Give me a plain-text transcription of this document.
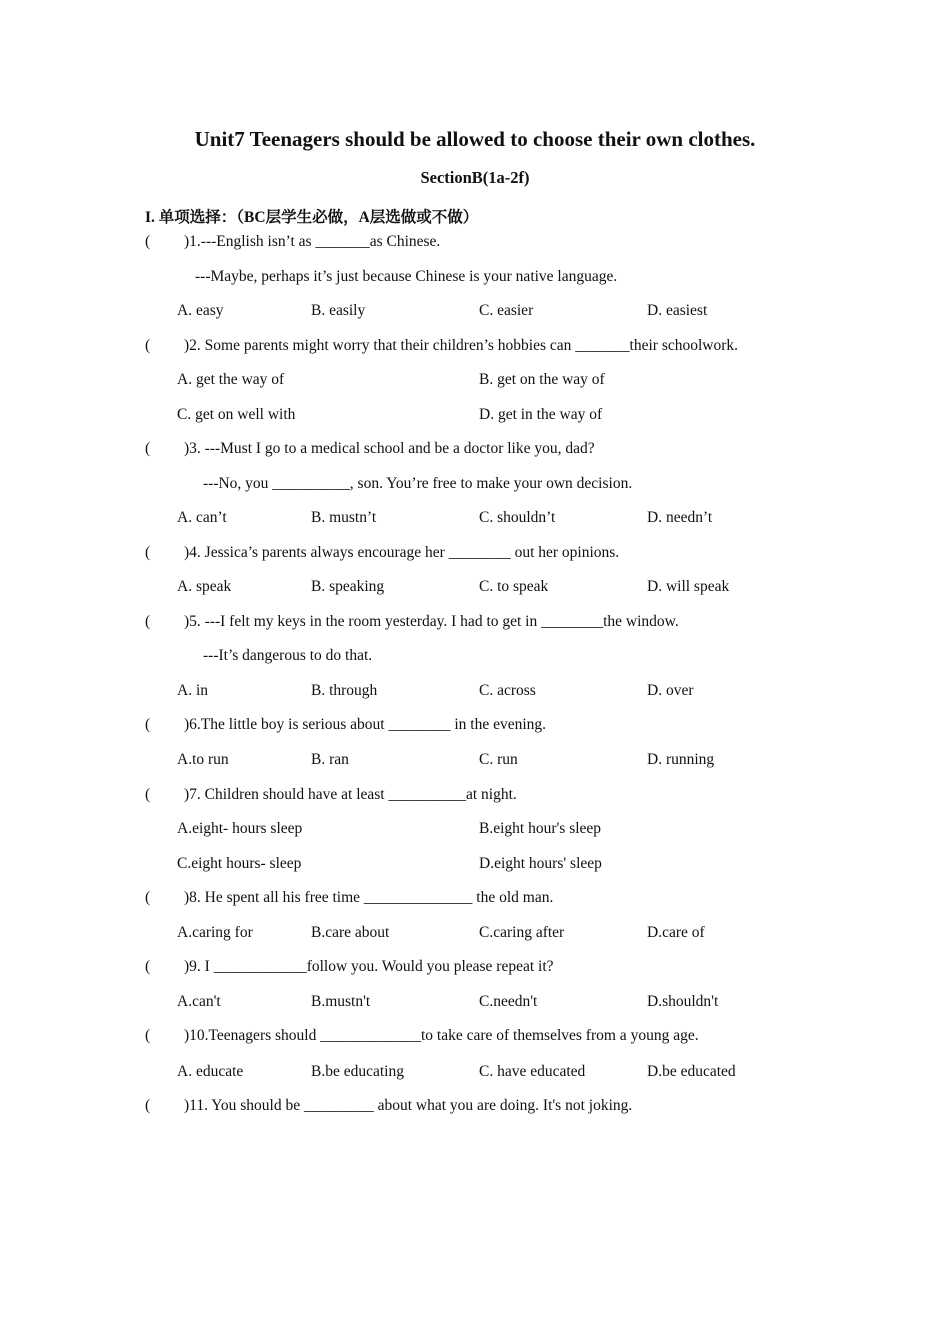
Unit7 Teenagers should be allowed to choose their own clothes.
SectionB(1a-2f)
I. 单项选择：（BC层学生必做，A层选做或不做）
( )1.---English isn’t as _______as Chinese.
---Maybe, perhaps it’s just because Chinese is your native language.
A. easy	B. easily	C. easier	D. easiest
( )2. Some parents might worry that their children’s hobbies can _______their schoolwork.
A. get the way of	B. get on the way of
C. get on well with	D. get in the way of
( )3. ---Must I go to a medical school and be a doctor like you, dad?
---No, you __________, son. You’re free to make your own decision.
A. can’t	B. mustn’t	C. shouldn’t	D. needn’t
( )4. Jessica’s parents always encourage her ________ out her opinions.
A. speak	B. speaking	C. to speak	D. will speak
( )5. ---I felt my keys in the room yesterday. I had to get in ________the window.
---It’s dangerous to do that.
A. in	B. through	C. across	D. over
( )6.The little boy is serious about ________ in the evening.
A.to run	B. ran	C. run	D. running
( )7. Children should have at least __________at night.
A.eight- hours sleep	B.eight hour's sleep
C.eight hours- sleep	D.eight hours' sleep
( )8. He spent all his free time ______________ the old man.
A.caring for	B.care about	C.caring after	D.care of
( )9. I ____________follow you. Would you please repeat it?
A.can't	B.mustn't	C.needn't	D.shouldn't
( )10.Teenagers should _____________to take care of themselves from a young age.
A. educate	B.be educating	C. have educated	D.be educated
( )11. You should be _________ about what you are doing. It's not joking.
